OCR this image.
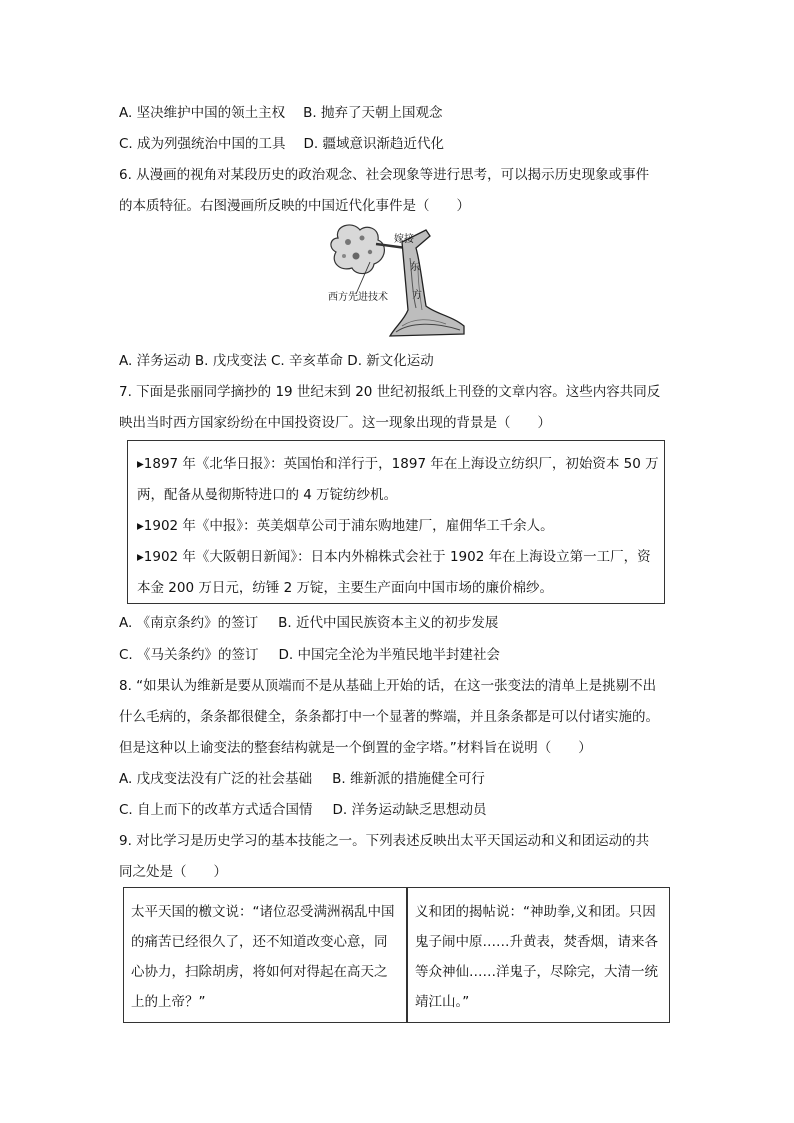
A. 坚决维护中国的领土主权 B. 抛弃了天朝上国观念
C. 成为列强统治中国的工具 D. 疆域意识渐趋近代化
6. 从漫画的视角对某段历史的政治观念、社会现象等进行思考，可以揭示历史现象或事件
的本质特征。右图漫画所反映的中国近代化事件是（　　）
嫁接
东
方
西方先进技术
A. 洋务运动 B. 戊戌变法 C. 辛亥革命 D. 新文化运动
7. 下面是张丽同学摘抄的 19 世纪末到 20 世纪初报纸上刊登的文章内容。这些内容共同反
映出当时西方国家纷纷在中国投资设厂。这一现象出现的背景是（　　）
▸1897 年《北华日报》：英国怡和洋行于，1897 年在上海设立纺织厂，初始资本 50 万
两，配备从曼彻斯特进口的 4 万锭纺纱机。
▸1902 年《中报》：英美烟草公司于浦东购地建厂，雇佣华工千余人。
▸1902 年《大阪朝日新闻》：日本内外棉株式会社于 1902 年在上海设立第一工厂，资
本金 200 万日元，纺锤 2 万锭，主要生产面向中国市场的廉价棉纱。
A. 《南京条约》的签订 B. 近代中国民族资本主义的初步发展
C. 《马关条约》的签订 D. 中国完全沦为半殖民地半封建社会
8. “如果认为维新是要从顶端而不是从基础上开始的话，在这一张变法的清单上是挑剔不出
什么毛病的，条条都很健全，条条都打中一个显著的弊端，并且条条都是可以付诸实施的。
但是这种以上谕变法的整套结构就是一个倒置的金字塔。”材料旨在说明（　　）
A. 戊戌变法没有广泛的社会基础 B. 维新派的措施健全可行
C. 自上而下的改革方式适合国情 D. 洋务运动缺乏思想动员
9. 对比学习是历史学习的基本技能之一。下列表述反映出太平天国运动和义和团运动的共
同之处是（　　）
太平天国的檄文说：“诸位忍受满洲祸乱中国
的痛苦已经很久了，还不知道改变心意，同
心协力，扫除胡虏，将如何对得起在高天之
上的上帝？”
义和团的揭帖说：“神助拳,义和团。只因
鬼子闹中原……升黄表，焚香烟，请来各
等众神仙……洋鬼子，尽除完，大清一统
靖江山。”
